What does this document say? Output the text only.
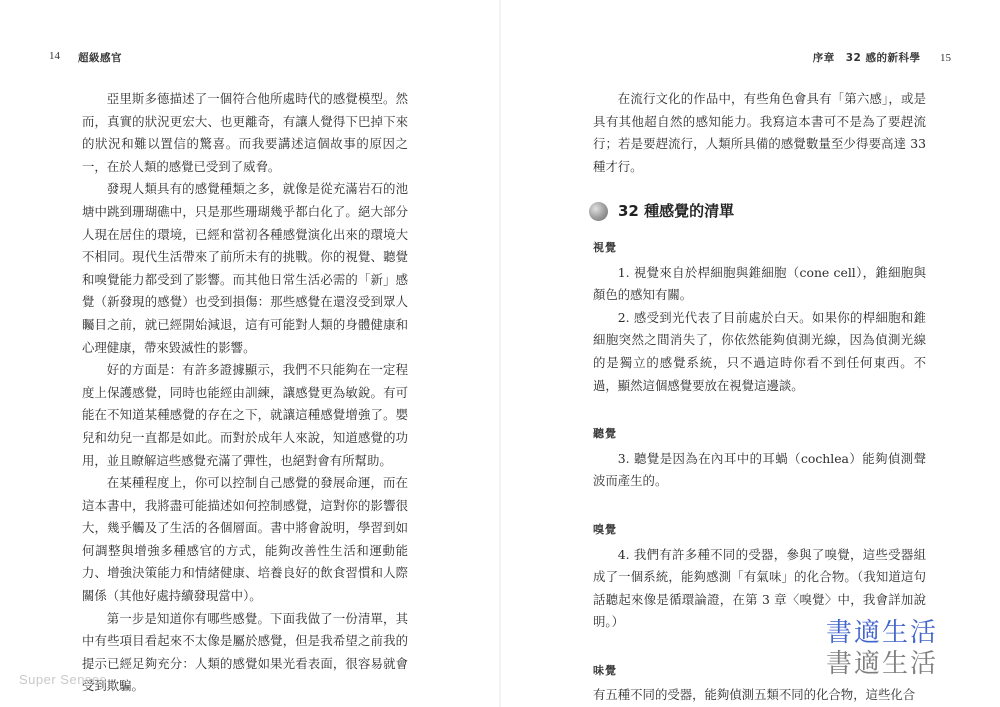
14 超級感官

亞里斯多德描述了一個符合他所處時代的感覺模型。然而，真實的狀況更宏大、也更離奇，有讓人覺得下巴掉下來的狀況和難以置信的驚喜。而我要講述這個故事的原因之一，在於人類的感覺已受到了威脅。

發現人類具有的感覺種類之多，就像是從充滿岩石的池塘中跳到珊瑚礁中，只是那些珊瑚幾乎都白化了。絕大部分人現在居住的環境，已經和當初各種感覺演化出來的環境大不相同。現代生活帶來了前所未有的挑戰。你的視覺、聽覺和嗅覺能力都受到了影響。而其他日常生活必需的「新」感覺（新發現的感覺）也受到損傷：那些感覺在還沒受到眾人矚目之前，就已經開始減退，這有可能對人類的身體健康和心理健康，帶來毀滅性的影響。

好的方面是：有許多證據顯示，我們不只能夠在一定程度上保護感覺，同時也能經由訓練，讓感覺更為敏銳。有可能在不知道某種感覺的存在之下，就讓這種感覺增強了。嬰兒和幼兒一直都是如此。而對於成年人來說，知道感覺的功用，並且瞭解這些感覺充滿了彈性，也絕對會有所幫助。

在某種程度上，你可以控制自己感覺的發展命運，而在這本書中，我將盡可能描述如何控制感覺，這對你的影響很大，幾乎觸及了生活的各個層面。書中將會說明，學習到如何調整與增強多種感官的方式，能夠改善性生活和運動能力、增強決策能力和情緒健康、培養良好的飲食習慣和人際關係（其他好處持續發現當中）。

第一步是知道你有哪些感覺。下面我做了一份清單，其中有些項目看起來不太像是屬於感覺，但是我希望之前我的提示已經足夠充分：人類的感覺如果光看表面，很容易就會受到欺騙。

Super Senses
序章　32 感的新科學 15

在流行文化的作品中，有些角色會具有「第六感」，或是具有其他超自然的感知能力。我寫這本書可不是為了要趕流行；若是要趕流行，人類所具備的感覺數量至少得要高達 33 種才行。

32 種感覺的清單
視覺

1. 視覺來自於桿細胞與錐細胞（cone cell），錐細胞與顏色的感知有關。

2. 感受到光代表了目前處於白天。如果你的桿細胞和錐細胞突然之間消失了，你依然能夠偵測光線，因為偵測光線的是獨立的感覺系統，只不過這時你看不到任何東西。不過，顯然這個感覺要放在視覺這邊談。

聽覺

3. 聽覺是因為在內耳中的耳蝸（cochlea）能夠偵測聲波而產生的。

嗅覺

4. 我們有許多種不同的受器，參與了嗅覺，這些受器組成了一個系統，能夠感測「有氣味」的化合物。（我知道這句話聽起來像是循環論證，在第 3 章〈嗅覺〉中，我會詳加說明。）

味覺

有五種不同的受器，能夠偵測五類不同的化合物，這些化合

書適生活
書適生活
